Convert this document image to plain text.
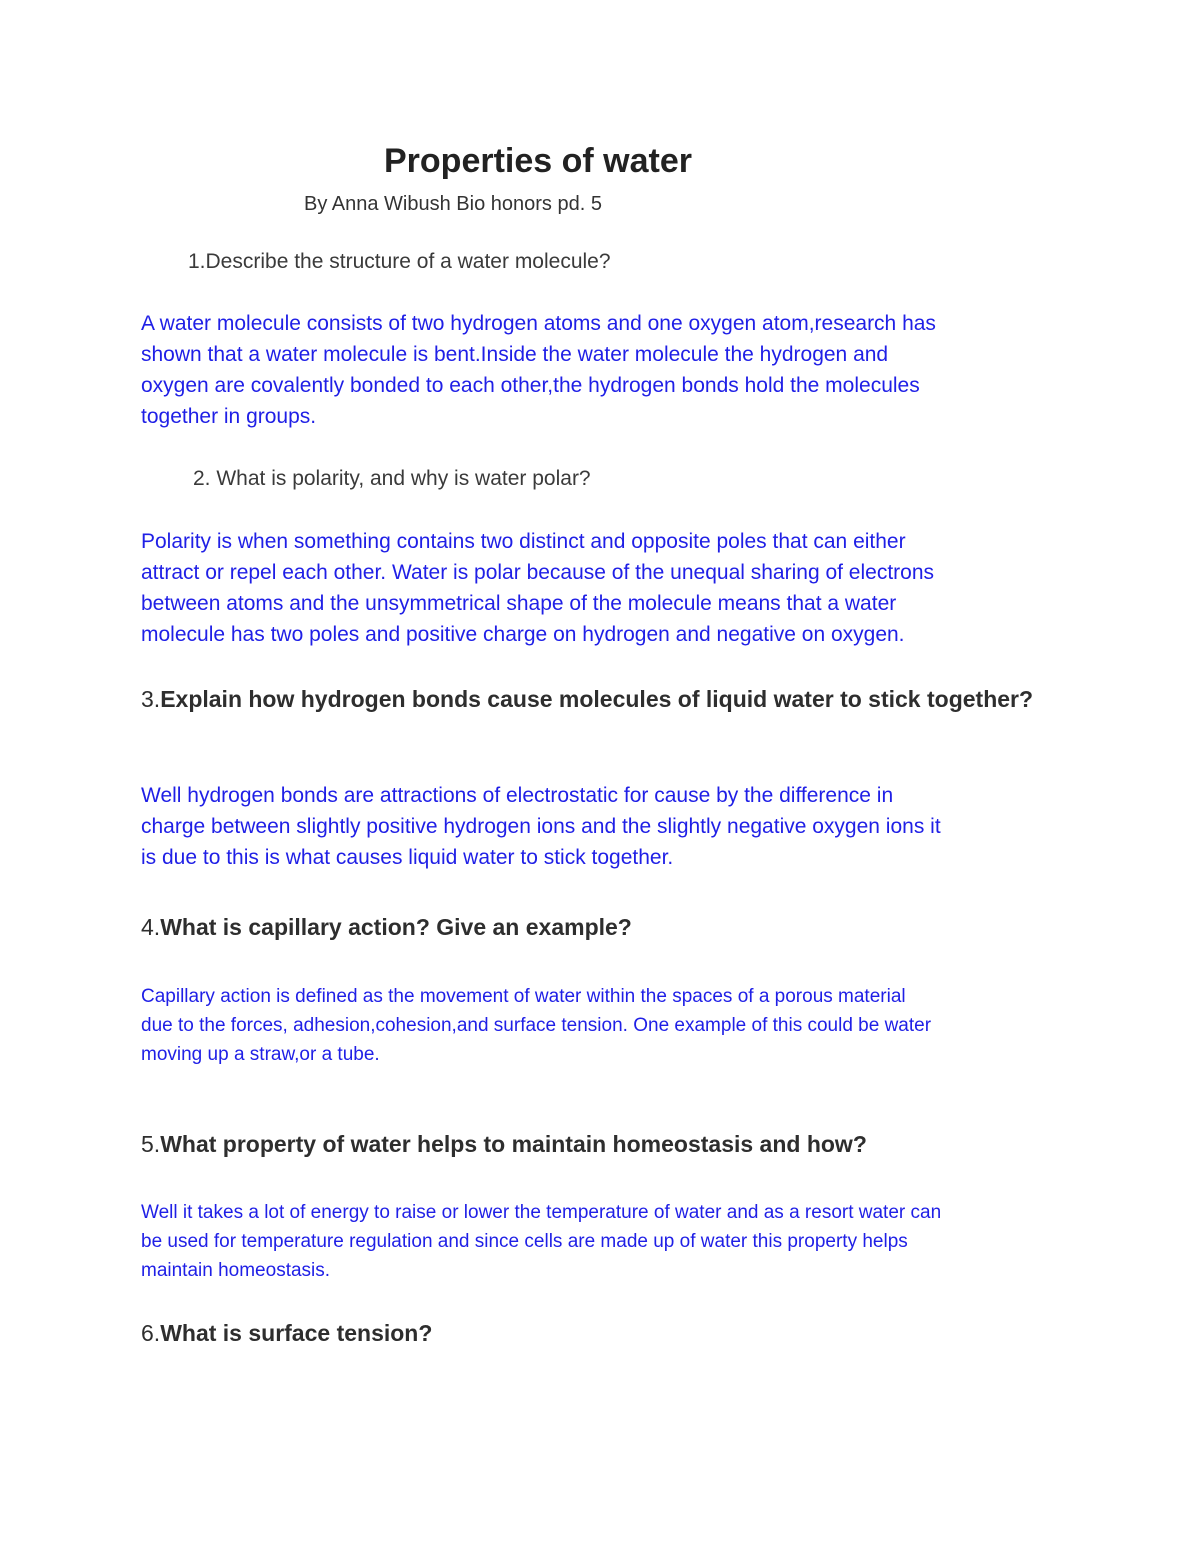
Properties of water
By Anna Wibush Bio honors pd. 5
1.Describe the structure of a water molecule?
A water molecule consists of two hydrogen atoms and one oxygen atom,research has
shown that a water molecule is bent.Inside the water molecule the hydrogen and
oxygen are covalently bonded to each other,the hydrogen bonds hold the molecules
together in groups.
2. What is polarity, and why is water polar?
Polarity is when something contains two distinct and opposite poles that can either
attract or repel each other. Water is polar because of the unequal sharing of electrons
between atoms and the unsymmetrical shape of the molecule means that a water
molecule has two poles and positive charge on hydrogen and negative on oxygen.
3.Explain how hydrogen bonds cause molecules of liquid water to stick together?
Well hydrogen bonds are attractions of electrostatic for cause by the difference in
charge between slightly positive hydrogen ions and the slightly negative oxygen ions it
is due to this is what causes liquid water to stick together.
4.What is capillary action? Give an example?
Capillary action is defined as the movement of water within the spaces of a porous material
due to the forces, adhesion,cohesion,and surface tension. One example of this could be water
moving up a straw,or a tube.
5.What property of water helps to maintain homeostasis and how?
Well it takes a lot of energy to raise or lower the temperature of water and as a resort water can
be used for temperature regulation and since cells are made up of water this property helps
maintain homeostasis.
6.What is surface tension?
